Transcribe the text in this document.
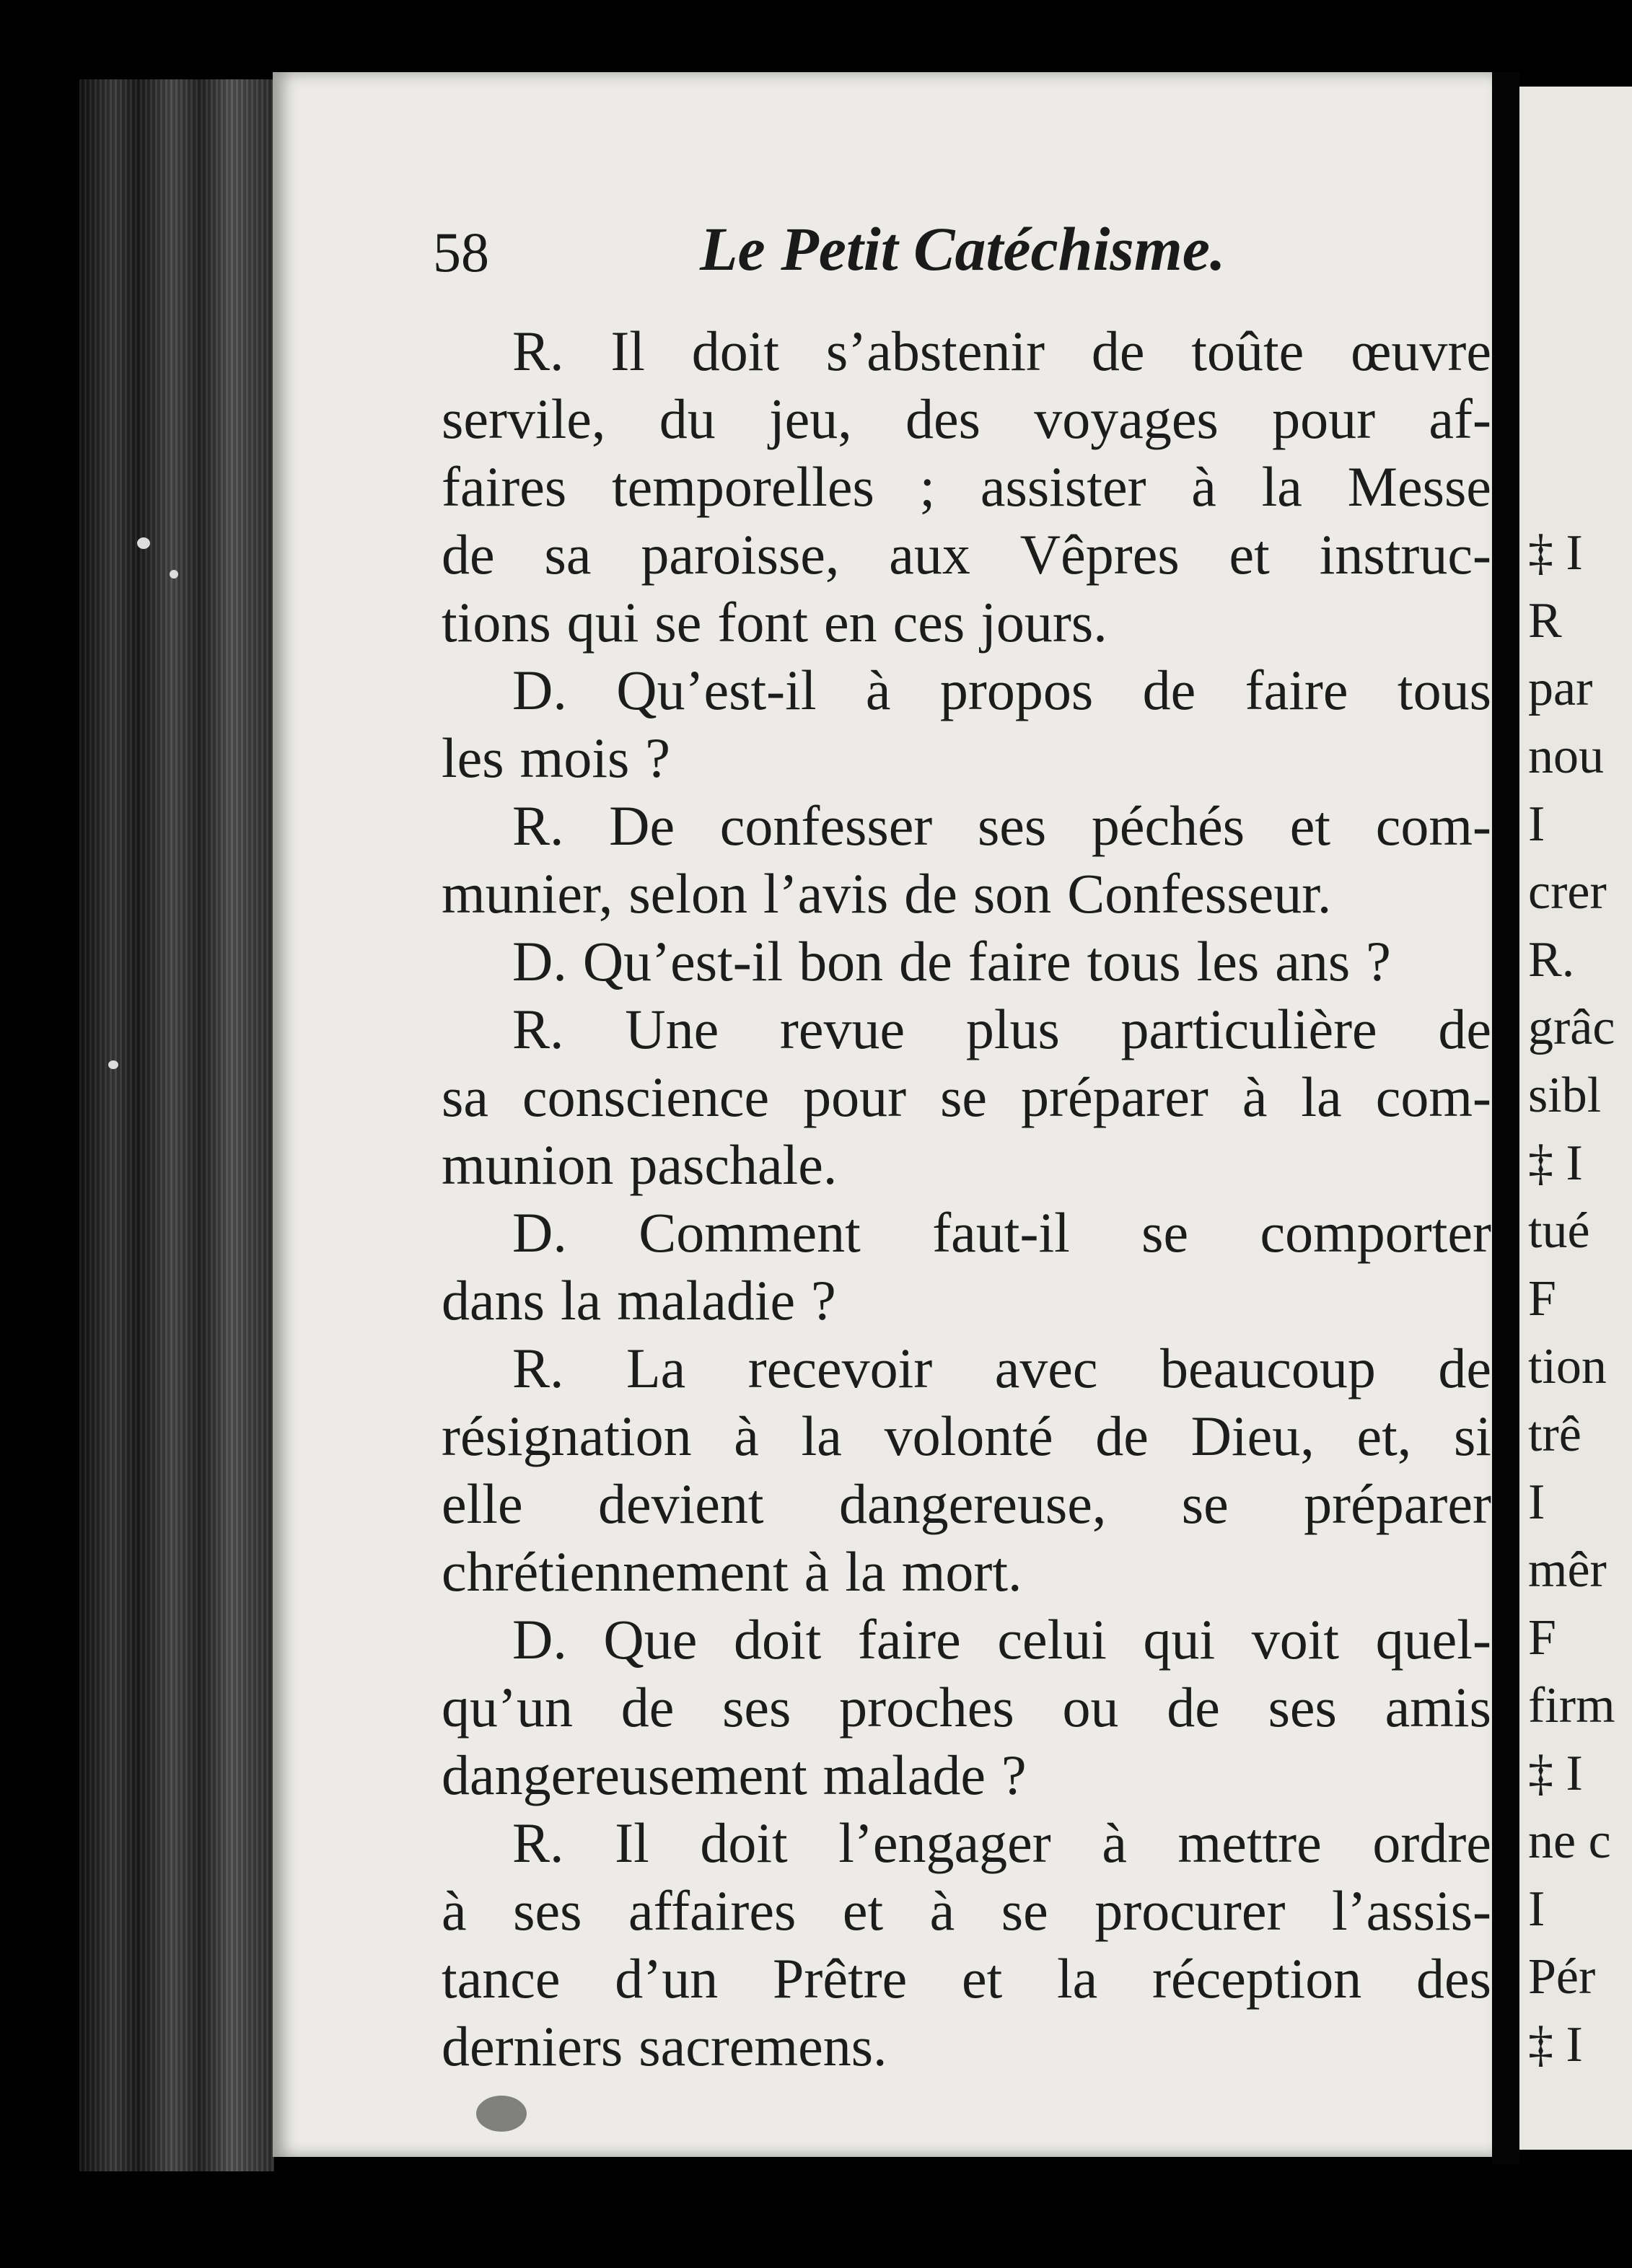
58	Le Petit Catéchisme.
R. Il doit s’abstenir de toûte œuvre
servile, du jeu, des voyages pour af-
faires temporelles ; assister à la Messe
de sa paroisse, aux Vêpres et instruc-
tions qui se font en ces jours.
D. Qu’est-il à propos de faire tous
les mois ?
R. De confesser ses péchés et com-
munier, selon l’avis de son Confesseur.
D. Qu’est-il bon de faire tous les ans ?
R. Une revue plus particulière de
sa conscience pour se préparer à la com-
munion paschale.
D. Comment faut-il se comporter
dans la maladie ?
R. La recevoir avec beaucoup de
résignation à la volonté de Dieu, et, si
elle devient dangereuse, se préparer
chrétiennement à la mort.
D. Que doit faire celui qui voit quel-
qu’un de ses proches ou de ses amis
dangereusement malade ?
R. Il doit l’engager à mettre ordre
à ses affaires et à se procurer l’assis-
tance d’un Prêtre et la réception des
derniers sacremens.
‡ I
R
par
nou
I
crer
R.
grâc
sibl
‡ I
tué
F
tion
trê
I
mêr
F
firm
‡ I
ne c
I
Pér
‡ I
